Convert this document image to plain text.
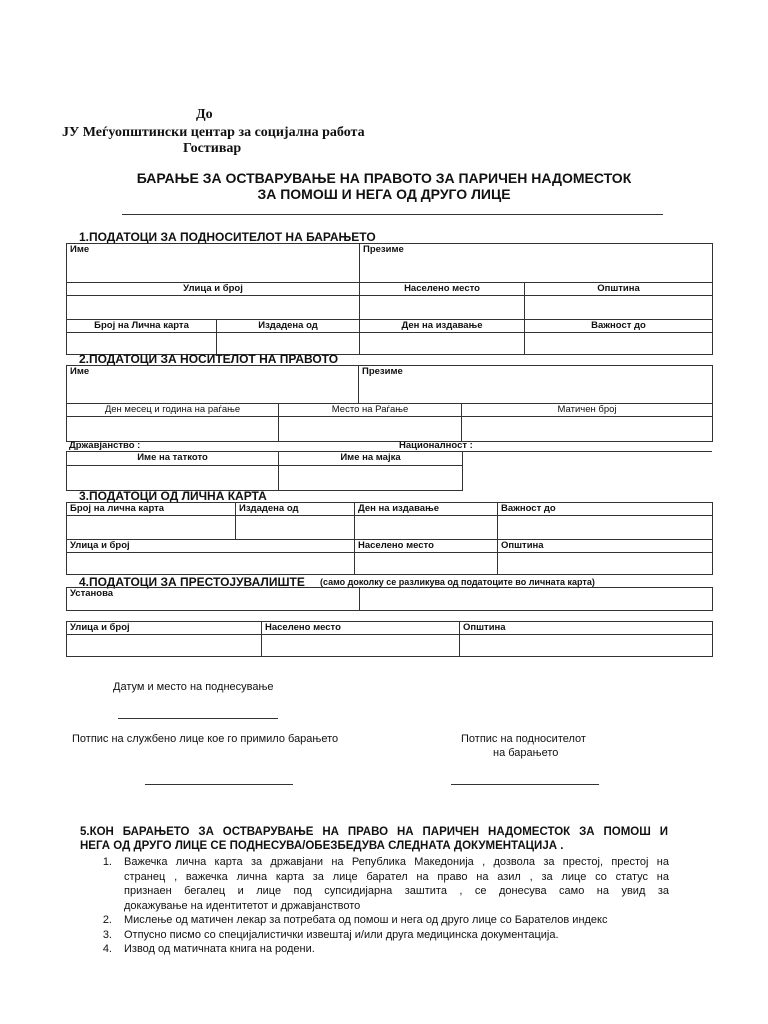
До
ЈУ Меѓуопштински центар за социјална работа
Гостивар
БАРАЊЕ ЗА ОСТВАРУВАЊЕ НА ПРАВОТО ЗА ПАРИЧЕН НАДОМЕСТОК
ЗА ПОМОШ И НЕГА ОД ДРУГО ЛИЦЕ
1.ПОДАТОЦИ ЗА ПОДНОСИТЕЛОТ НА БАРАЊЕТО
Име		Презиме	
Улица и број		Населено место	Општина

Број на Лична карта	Издадена од	Ден на издавање	Важност до

2.ПОДАТОЦИ ЗА НОСИТЕЛОТ НА ПРАВОТО
Име		Презиме	
Ден месец и година на раѓање	Место на Раѓање		Матичен број

Државјанство :	Националност :
Име на таткото	Име на мајка

3.ПОДАТОЦИ ОД ЛИЧНА КАРТА
Број на лична карта	Издадена од	Ден на издавање	Важност до

Улица и број		Населено место	Општина

4.ПОДАТОЦИ ЗА ПРЕСТОЈУВАЛИШТЕ (само доколку се разликува од податоците во личната карта)
Установа	
Улица и број	Населено место	Општина

Датум и место на поднесување
Потпис на службено лице кое го примило барањето	Потпис на подносителот
на барањето
5.КОН БАРАЊЕТО ЗА ОСТВАРУВАЊЕ НА ПРАВО НА ПАРИЧЕН НАДОМЕСТОК ЗА ПОМОШ И
НЕГА ОД ДРУГО ЛИЦЕ СЕ ПОДНЕСУВА/ОБЕЗБЕДУВА СЛЕДНАТА ДОКУМЕНТАЦИЈА .
1. Важечка лична карта за државјани на Република Македонија , дозвола за престој, престој на
странец , важечка лична карта за лице барател на право на азил , за лице со статус на
признаен бегалец и лице под супсидијарна заштита , се донесува само на увид за
докажување на идентитетот и државјанството
2. Мислење од матичен лекар за потребата од помош и нега од друго лице со Барателов индекс
3. Отпусно писмо со специјалистички извештај и/или друга медицинска документација.
4. Извод од матичната книга на родени.
